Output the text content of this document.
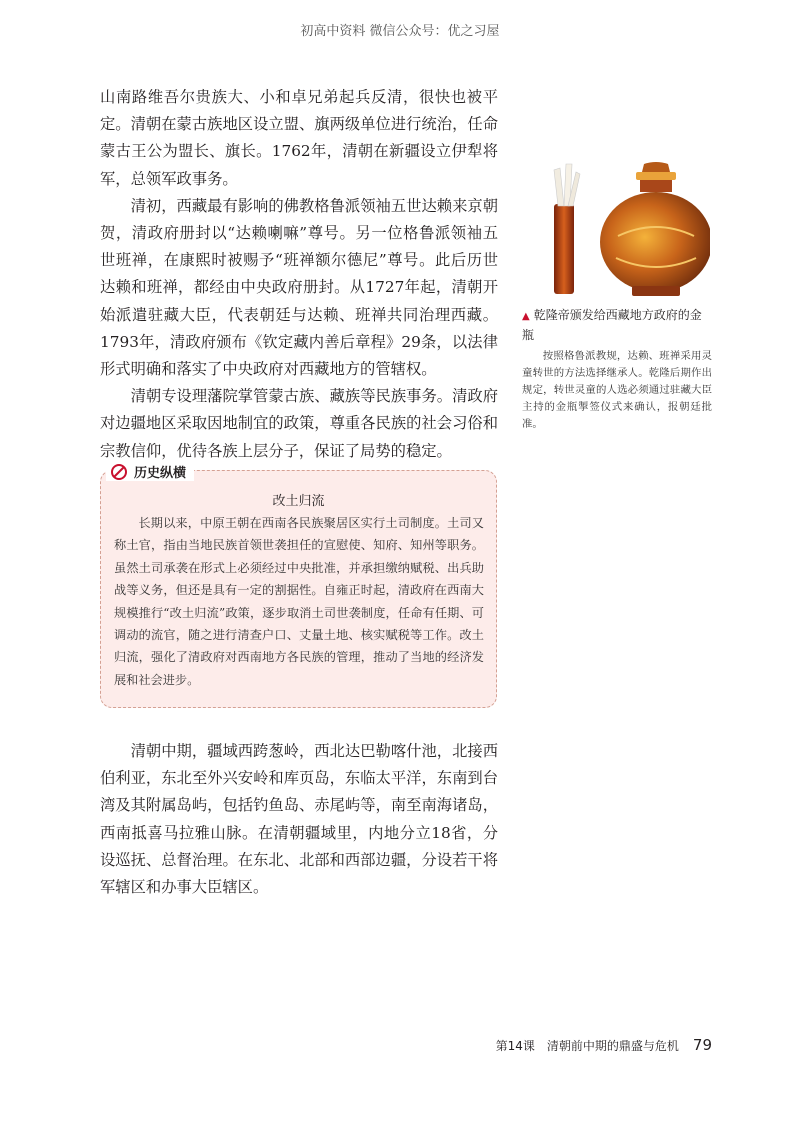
初高中资料 微信公众号：优之习屋

山南路维吾尔贵族大、小和卓兄弟起兵反清，很快也被平定。清朝在蒙古族地区设立盟、旗两级单位进行统治，任命蒙古王公为盟长、旗长。1762年，清朝在新疆设立伊犁将军，总领军政事务。

清初，西藏最有影响的佛教格鲁派领袖五世达赖来京朝贺，清政府册封以“达赖喇嘛”尊号。另一位格鲁派领袖五世班禅，在康熙时被赐予“班禅额尔德尼”尊号。此后历世达赖和班禅，都经由中央政府册封。从1727年起，清朝开始派遣驻藏大臣，代表朝廷与达赖、班禅共同治理西藏。1793年，清政府颁布《钦定藏内善后章程》29条，以法律形式明确和落实了中央政府对西藏地方的管辖权。

清朝专设理藩院掌管蒙古族、藏族等民族事务。清政府对边疆地区采取因地制宜的政策，尊重各民族的社会习俗和宗教信仰，优待各族上层分子，保证了局势的稳定。

▲ 乾隆帝颁发给西藏地方政府的金瓶

按照格鲁派教规，达赖、班禅采用灵童转世的方法选择继承人。乾隆后期作出规定，转世灵童的人选必须通过驻藏大臣主持的金瓶掣签仪式来确认，报朝廷批准。

历史纵横
改土归流

长期以来，中原王朝在西南各民族聚居区实行土司制度。土司又称土官，指由当地民族首领世袭担任的宣慰使、知府、知州等职务。虽然土司承袭在形式上必须经过中央批准，并承担缴纳赋税、出兵助战等义务，但还是具有一定的割据性。自雍正时起，清政府在西南大规模推行“改土归流”政策，逐步取消土司世袭制度，任命有任期、可调动的流官，随之进行清查户口、丈量土地、核实赋税等工作。改土归流，强化了清政府对西南地方各民族的管理，推动了当地的经济发展和社会进步。

清朝中期，疆域西跨葱岭，西北达巴勒喀什池，北接西伯利亚，东北至外兴安岭和库页岛，东临太平洋，东南到台湾及其附属岛屿，包括钓鱼岛、赤尾屿等，南至南海诸岛，西南抵喜马拉雅山脉。在清朝疆域里，内地分立18省，分设巡抚、总督治理。在东北、北部和西部边疆，分设若干将军辖区和办事大臣辖区。

第14课　清朝前中期的鼎盛与危机 79
